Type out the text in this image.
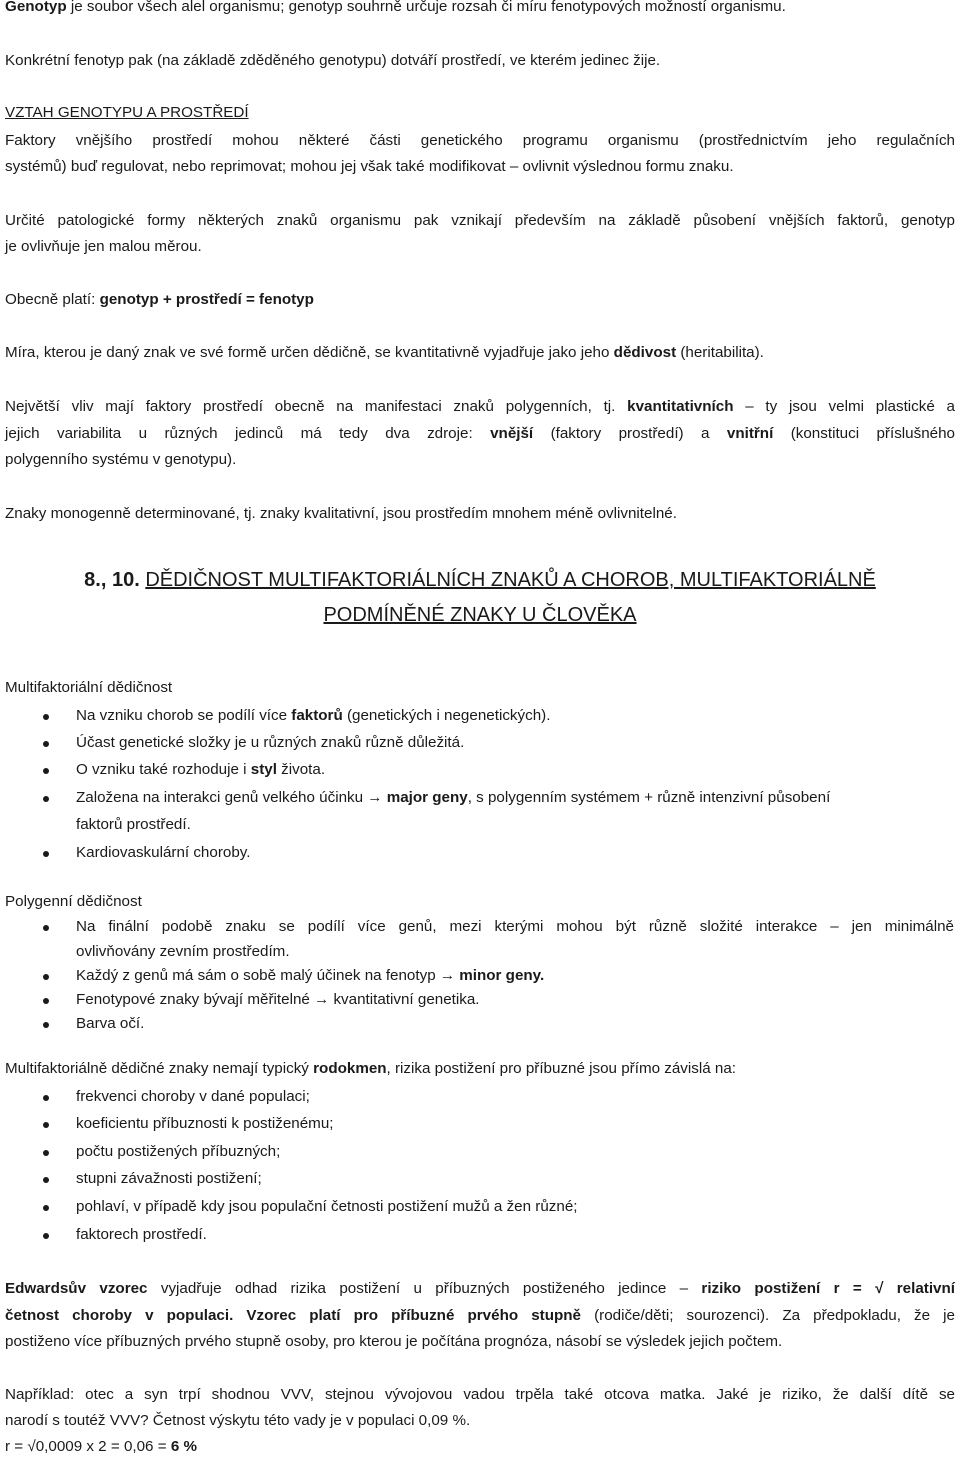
Genotyp je soubor všech alel organismu; genotyp souhrně určuje rozsah či míru fenotypových možností organismu.
Konkrétní fenotyp pak (na základě zděděného genotypu) dotváří prostředí, ve kterém jedinec žije.
VZTAH GENOTYPU A PROSTŘEDÍ
Faktory vnějšího prostředí mohou některé části genetického programu organismu (prostřednictvím jeho regulačních
systémů) buď regulovat, nebo reprimovat; mohou jej však také modifikovat – ovlivnit výslednou formu znaku.
Určité patologické formy některých znaků organismu pak vznikají především na základě působení vnějších faktorů, genotyp
je ovlivňuje jen malou měrou.
Obecně platí: genotyp + prostředí = fenotyp
Míra, kterou je daný znak ve své formě určen dědičně, se kvantitativně vyjadřuje jako jeho dědivost (heritabilita).
Největší vliv mají faktory prostředí obecně na manifestaci znaků polygenních, tj. kvantitativních – ty jsou velmi plastické a
jejich variabilita u různých jedinců má tedy dva zdroje: vnější (faktory prostředí) a vnitřní (konstituci příslušného
polygenního systému v genotypu).
Znaky monogenně determinované, tj. znaky kvalitativní, jsou prostředím mnohem méně ovlivnitelné.
8., 10. DĚDIČNOST MULTIFAKTORIÁLNÍCH ZNAKŮ A CHOROB, MULTIFAKTORIÁLNĚ
PODMÍNĚNÉ ZNAKY U ČLOVĚKA
Multifaktoriální dědičnost
Na vzniku chorob se podílí více faktorů (genetických i negenetických).
Účast genetické složky je u různých znaků různě důležitá.
O vzniku také rozhoduje i styl života.
Založena na interakci genů velkého účinku → major geny, s polygenním systémem + různě intenzivní působení
faktorů prostředí.
Kardiovaskulární choroby.
Polygenní dědičnost
Na finální podobě znaku se podílí více genů, mezi kterými mohou být různě složité interakce – jen minimálně
ovlivňovány zevním prostředím.
Každý z genů má sám o sobě malý účinek na fenotyp → minor geny.
Fenotypové znaky bývají měřitelné → kvantitativní genetika.
Barva očí.
Multifaktoriálně dědičné znaky nemají typický rodokmen, rizika postižení pro příbuzné jsou přímo závislá na:
frekvenci choroby v dané populaci;
koeficientu příbuznosti k postiženému;
počtu postižených příbuzných;
stupni závažnosti postižení;
pohlaví, v případě kdy jsou populační četnosti postižení mužů a žen různé;
faktorech prostředí.
Edwardsův vzorec vyjadřuje odhad rizika postižení u příbuzných postiženého jedince – riziko postižení r = √ relativní
četnost choroby v populaci. Vzorec platí pro příbuzné prvého stupně (rodiče/děti; sourozenci). Za předpokladu, že je
postiženo více příbuzných prvého stupně osoby, pro kterou je počítána prognóza, násobí se výsledek jejich počtem.
Například: otec a syn trpí shodnou VVV, stejnou vývojovou vadou trpěla také otcova matka. Jaké je riziko, že další dítě se
narodí s toutéž VVV? Četnost výskytu této vady je v populaci 0,09 %.
r = √0,0009 x 2 = 0,06 = 6 %
